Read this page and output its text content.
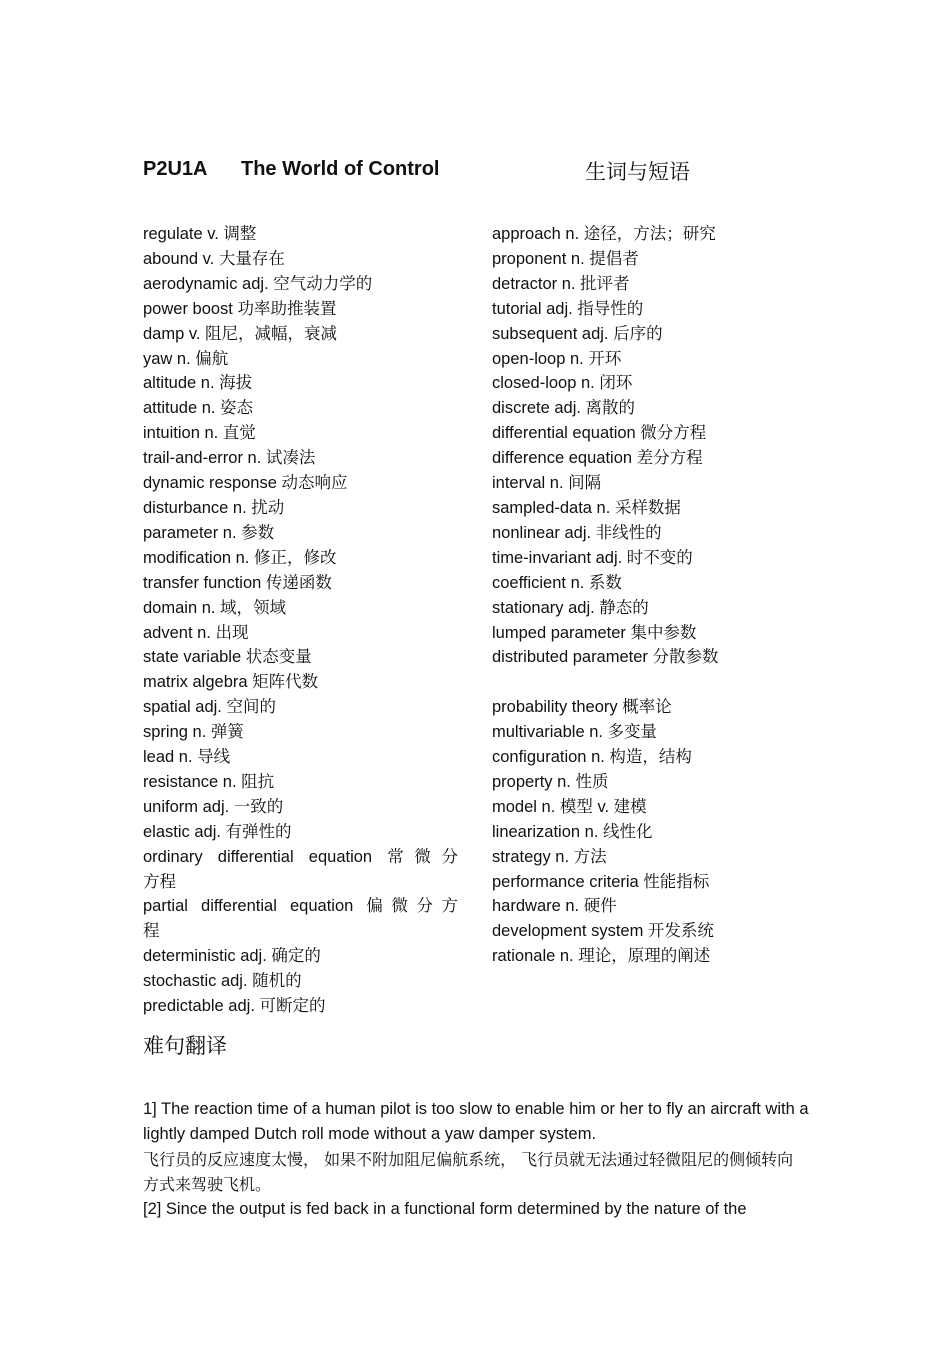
P2U1A The World of Control	生词与短语
regulate v. 调整
abound v. 大量存在
aerodynamic adj. 空气动力学的
power boost 功率助推装置
damp v. 阻尼，减幅，衰减
yaw n. 偏航
altitude n. 海拔
attitude n. 姿态
intuition n. 直觉
trail-and-error n. 试凑法
dynamic response 动态响应
disturbance n. 扰动
parameter n. 参数
modification n. 修正，修改
transfer function 传递函数
domain n. 域，领域
advent n. 出现
state variable 状态变量
matrix algebra 矩阵代数
spatial adj. 空间的
spring n. 弹簧
lead n. 导线
resistance n. 阻抗
uniform adj. 一致的
elastic adj. 有弹性的
ordinary differential equation 常微分
方程
partial differential equation 偏微分方
程
deterministic adj. 确定的
stochastic adj. 随机的
predictable adj. 可断定的
approach n. 途径，方法；研究
proponent n. 提倡者
detractor n. 批评者
tutorial adj. 指导性的
subsequent adj. 后序的
open-loop n. 开环
closed-loop n. 闭环
discrete adj. 离散的
differential equation 微分方程
difference equation 差分方程
interval n. 间隔
sampled-data n. 采样数据
nonlinear adj. 非线性的
time-invariant adj. 时不变的
coefficient n. 系数
stationary adj. 静态的
lumped parameter 集中参数
distributed parameter 分散参数
probability theory 概率论
multivariable n. 多变量
configuration n. 构造，结构
property n. 性质
model n. 模型 v. 建模
linearization n. 线性化
strategy n. 方法
performance criteria 性能指标
hardware n. 硬件
development system 开发系统
rationale n. 理论，原理的阐述
难句翻译
1] The reaction time of a human pilot is too slow to enable him or her to fly an aircraft with a lightly damped Dutch roll mode without a yaw damper system.
飞行员的反应速度太慢， 如果不附加阻尼偏航系统， 飞行员就无法通过轻微阻尼的侧倾转向方式来驾驶飞机。
[2] Since the output is fed back in a functional form determined by the nature of the
